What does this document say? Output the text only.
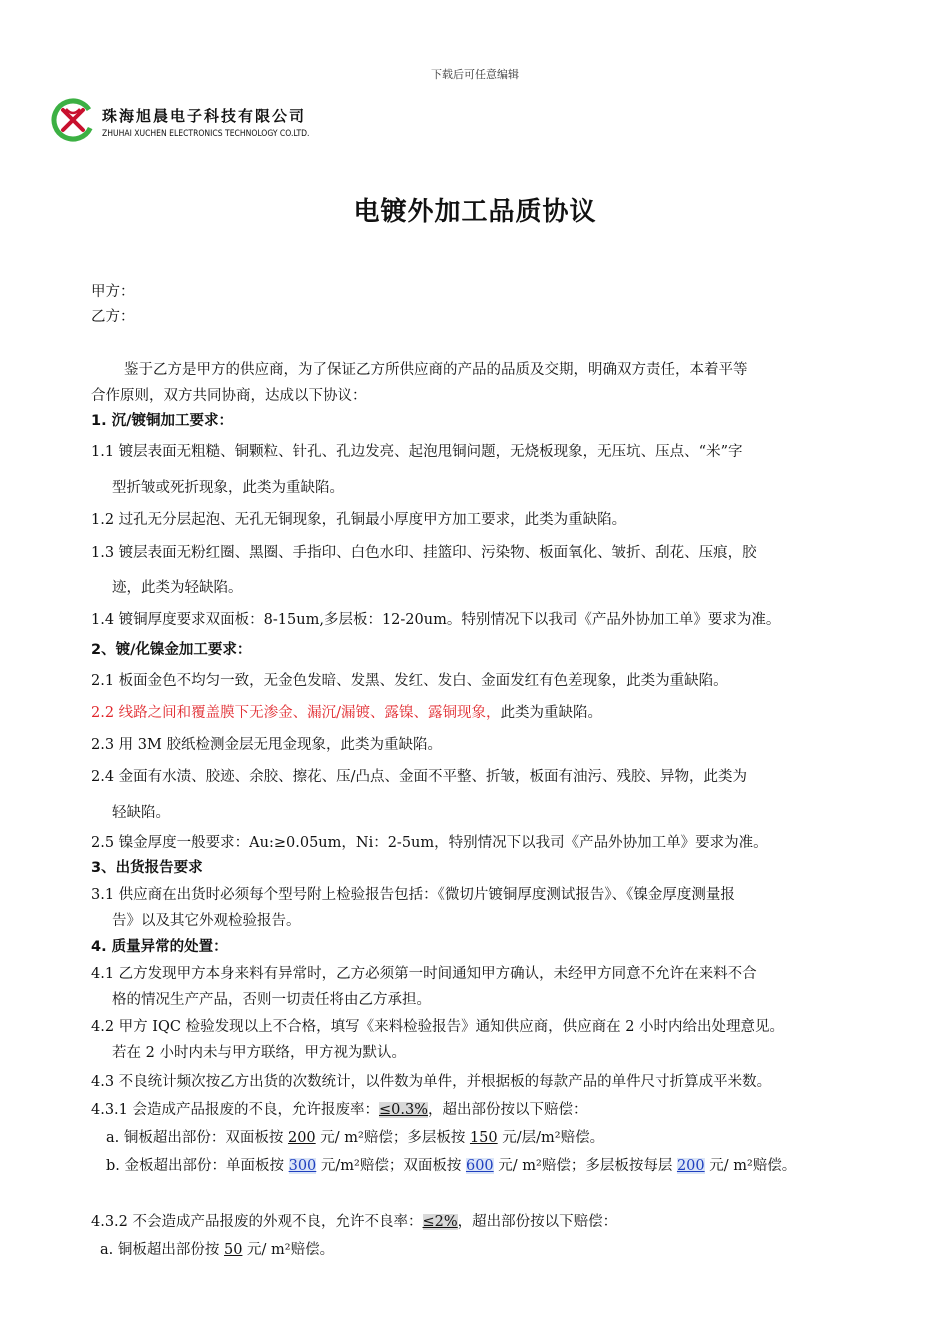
下载后可任意编辑
珠海旭晨电子科技有限公司
ZHUHAI XUCHEN ELECTRONICS TECHNOLOGY CO.LTD.
电镀外加工品质协议
甲方：
乙方：
鉴于乙方是甲方的供应商，为了保证乙方所供应商的产品的品质及交期，明确双方责任，本着平等
合作原则，双方共同协商，达成以下协议：
1. 沉/镀铜加工要求：
1.1 镀层表面无粗糙、铜颗粒、针孔、孔边发亮、起泡甩铜问题，无烧板现象，无压坑、压点、“米”字
型折皱或死折现象，此类为重缺陷。
1.2 过孔无分层起泡、无孔无铜现象，孔铜最小厚度甲方加工要求，此类为重缺陷。
1.3 镀层表面无粉红圈、黑圈、手指印、白色水印、挂篮印、污染物、板面氧化、皱折、刮花、压痕，胶
迹，此类为轻缺陷。
1.4 镀铜厚度要求双面板：8-15um,多层板：12-20um。特别情况下以我司《产品外协加工单》要求为准。
2、镀/化镍金加工要求：
2.1 板面金色不均匀一致，无金色发暗、发黑、发红、发白、金面发红有色差现象，此类为重缺陷。
2.2 线路之间和覆盖膜下无渗金、漏沉/漏镀、露镍、露铜现象，此类为重缺陷。
2.3 用 3M 胶纸检测金层无甩金现象，此类为重缺陷。
2.4 金面有水渍、胶迹、余胶、擦花、压/凸点、金面不平整、折皱，板面有油污、残胶、异物，此类为
轻缺陷。
2.5 镍金厚度一般要求：Au:≥0.05um，Ni：2-5um，特别情况下以我司《产品外协加工单》要求为准。
3、出货报告要求
3.1 供应商在出货时必须每个型号附上检验报告包括：《微切片镀铜厚度测试报告》、《镍金厚度测量报
告》以及其它外观检验报告。
4. 质量异常的处置：
4.1 乙方发现甲方本身来料有异常时，乙方必须第一时间通知甲方确认，未经甲方同意不允许在来料不合
格的情况生产产品，否则一切责任将由乙方承担。
4.2 甲方 IQC 检验发现以上不合格，填写《来料检验报告》通知供应商，供应商在 2 小时内给出处理意见。
若在 2 小时内未与甲方联络，甲方视为默认。
4.3 不良统计频次按乙方出货的次数统计，以件数为单件，并根据板的每款产品的单件尺寸折算成平米数。
4.3.1 会造成产品报废的不良，允许报废率：≤0.3%，超出部份按以下赔偿：
a. 铜板超出部份：双面板按 200 元/ m²赔偿；多层板按 150 元/层/m²赔偿。
b. 金板超出部份：单面板按 300 元/m²赔偿；双面板按 600 元/ m²赔偿；多层板按每层 200 元/ m²赔偿。
4.3.2 不会造成产品报废的外观不良，允许不良率：≤2%，超出部份按以下赔偿：
a. 铜板超出部份按 50 元/ m²赔偿。
